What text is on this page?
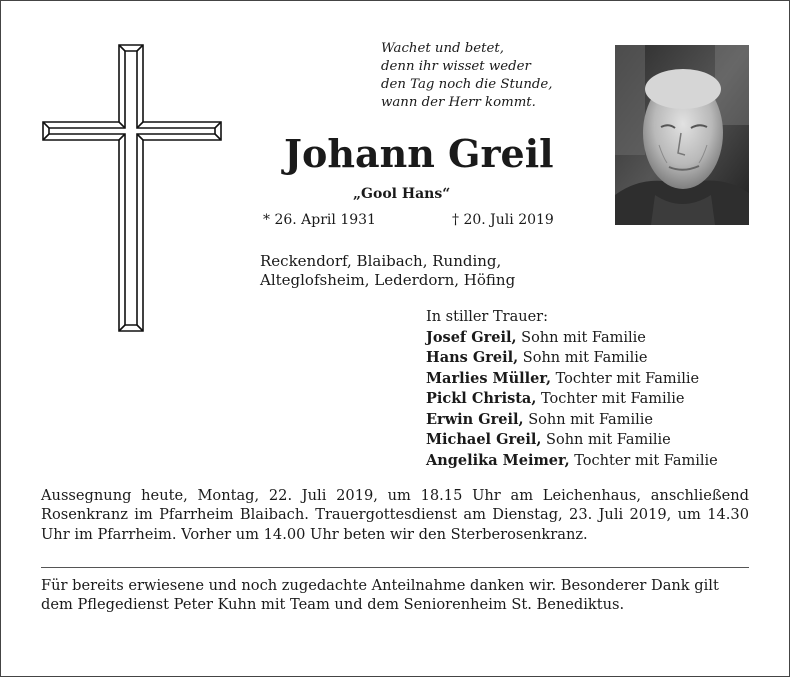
Wachet und betet,
denn ihr wisset weder
den Tag noch die Stunde,
wann der Herr kommt.
Johann Greil
„Gool Hans“
* 26. April 1931	† 20. Juli 2019
Reckendorf, Blaibach, Runding,
Alteglofsheim, Lederdorn, Höfing
In stiller Trauer:
Josef Greil, Sohn mit Familie
Hans Greil, Sohn mit Familie
Marlies Müller, Tochter mit Familie
Pickl Christa, Tochter mit Familie
Erwin Greil, Sohn mit Familie
Michael Greil, Sohn mit Familie
Angelika Meimer, Tochter mit Familie
Aussegnung heute, Montag, 22. Juli 2019, um 18.15 Uhr am Leichenhaus, anschließend Rosenkranz im Pfarrheim Blaibach. Trauergottesdienst am Dienstag, 23. Juli 2019, um 14.30 Uhr im Pfarrheim. Vorher um 14.00 Uhr beten wir den Sterberosenkranz.
Für bereits erwiesene und noch zugedachte Anteilnahme danken wir. Besonderer Dank gilt dem Pflegedienst Peter Kuhn mit Team und dem Seniorenheim St. Benediktus.
